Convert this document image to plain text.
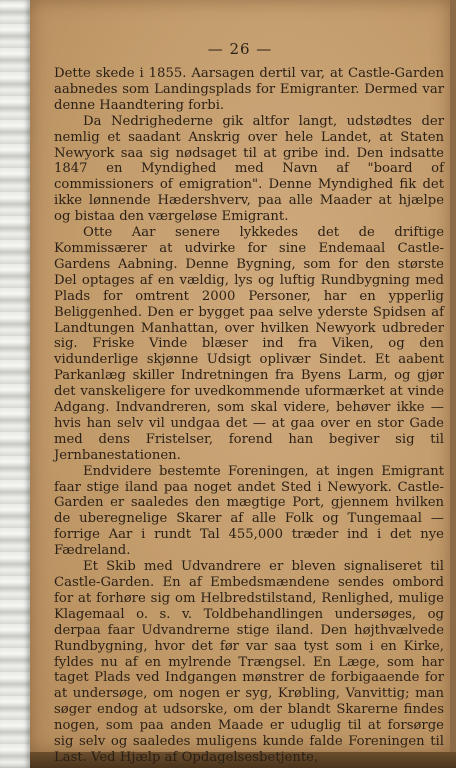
— 26 —

Dette skede i 1855. Aarsagen dertil var, at Castle-Garden aabnedes som Landingsplads for Emigranter. Dermed var denne Haandtering forbi.

Da Nedrighederne gik altfor langt, udstødtes der nemlig et saadant Anskrig over hele Landet, at Staten Newyork saa sig nødsaget til at gribe ind. Den indsatte 1847 en Myndighed med Navn af "board of commissioners of emigration". Denne Myndighed fik det ikke lønnende Hædershverv, paa alle Maader at hjælpe og bistaa den værgeløse Emigrant.

Otte Aar senere lykkedes det de driftige Kommissærer at udvirke for sine Endemaal Castle-Gardens Aabning. Denne Bygning, som for den største Del optages af en vældig, lys og luftig Rundbygning med Plads for omtrent 2000 Personer, har en ypperlig Beliggenhed. Den er bygget paa selve yderste Spidsen af Landtungen Manhattan, over hvilken Newyork udbreder sig. Friske Vinde blæser ind fra Viken, og den vidunderlige skjønne Udsigt oplivær Sindet. Et aabent Parkanlæg skiller Indretningen fra Byens Larm, og gjør det vanskeligere for uvedkommende uformærket at vinde Adgang. Indvandreren, som skal videre, behøver ikke — hvis han selv vil undgaa det — at gaa over en stor Gade med dens Fristelser, forend han begiver sig til Jernbanestationen.

Endvidere bestemte Foreningen, at ingen Emigrant faar stige iland paa noget andet Sted i Newyork. Castle-Garden er saaledes den mægtige Port, gjennem hvilken de uberegnelige Skarer af alle Folk og Tungemaal — forrige Aar i rundt Tal 455,000 træder ind i det nye Fædreland.

Et Skib med Udvandrere er bleven signaliseret til Castle-Garden. En af Embedsmændene sendes ombord for at forhøre sig om Helbredstilstand, Renlighed, mulige Klagemaal o. s. v. Toldbehandlingen undersøges, og derpaa faar Udvandrerne stige iland. Den højthvælvede Rundbygning, hvor det før var saa tyst som i en Kirke, fyldes nu af en mylrende Trængsel. En Læge, som har taget Plads ved Indgangen mønstrer de forbigaaende for at undersøge, om nogen er syg, Krøbling, Vanvittig; man søger endog at udsorske, om der blandt Skarerne findes nogen, som paa anden Maade er uduglig til at forsørge sig selv og saaledes muligens kunde falde Foreningen til Last. Ved Hjælp af Opdagelsesbetjente,
